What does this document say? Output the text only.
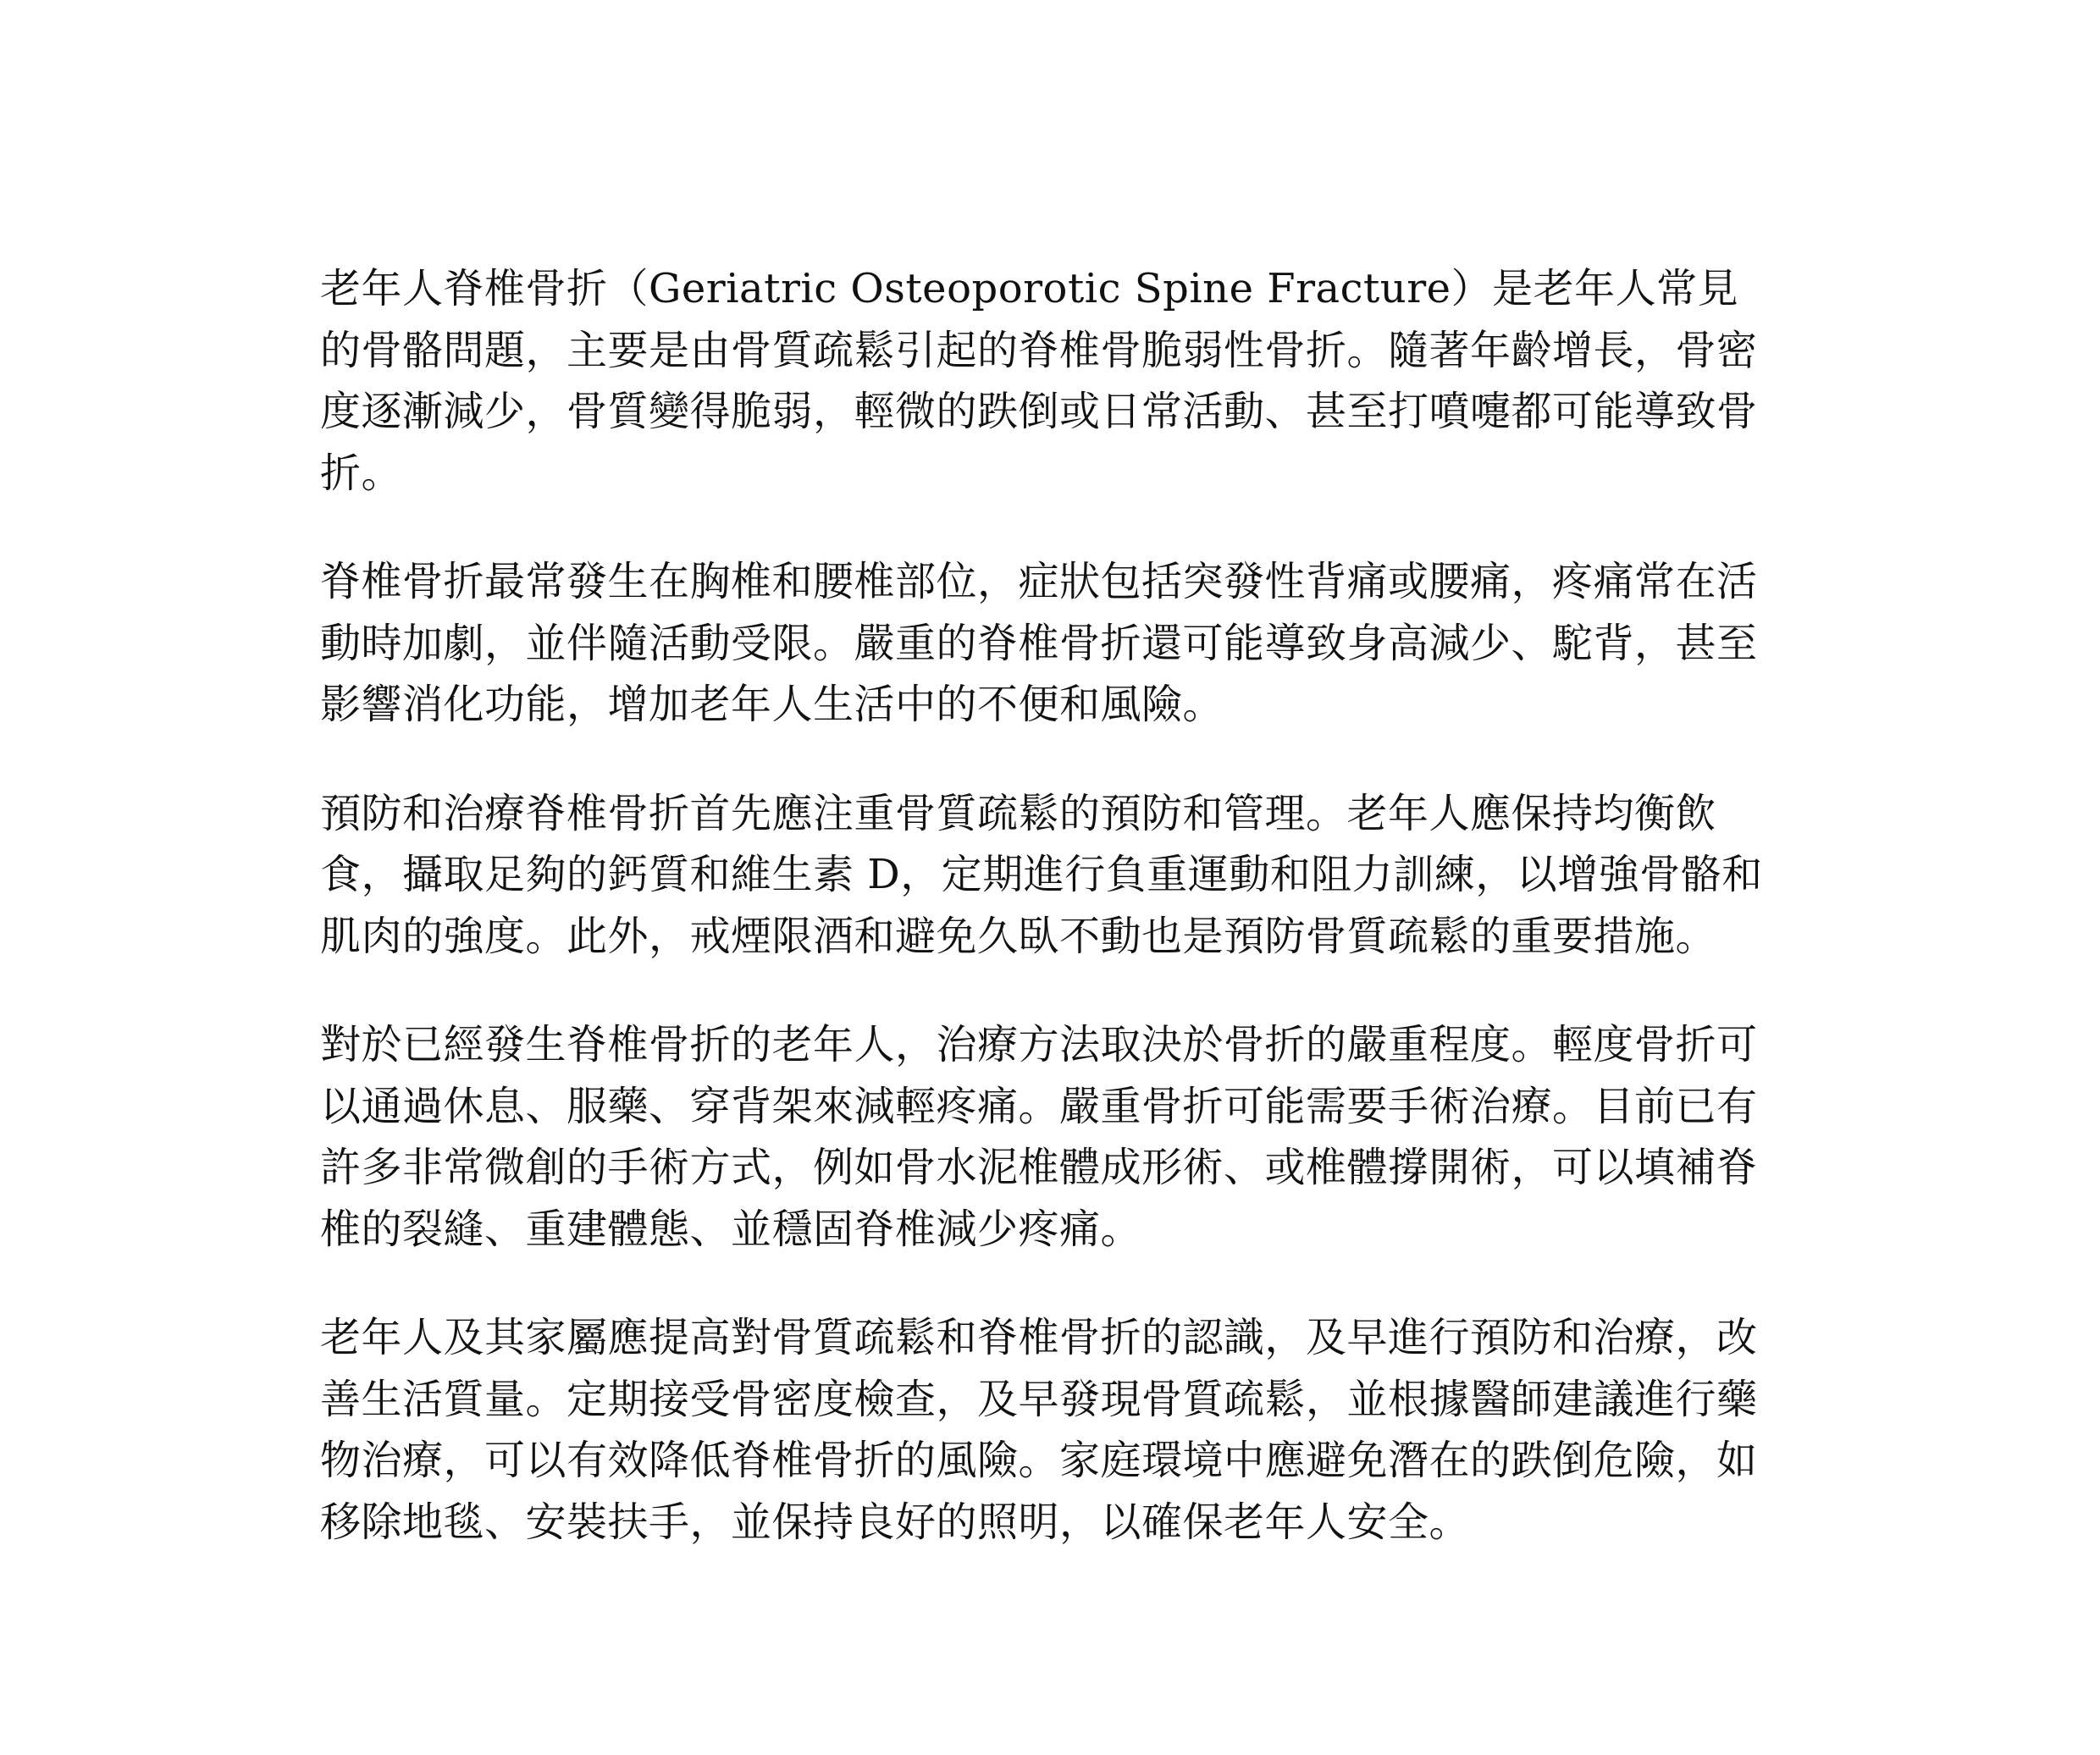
老年人脊椎骨折（Geriatric Osteoporotic Spine Fracture）是老年人常見的骨骼問題，主要是由骨質疏鬆引起的脊椎骨脆弱性骨折。隨著年齡增長，骨密度逐漸減少，骨質變得脆弱，輕微的跌倒或日常活動、甚至打噴嚏都可能導致骨折。

脊椎骨折最常發生在胸椎和腰椎部位，症狀包括突發性背痛或腰痛，疼痛常在活動時加劇，並伴隨活動受限。嚴重的脊椎骨折還可能導致身高減少、駝背，甚至影響消化功能，增加老年人生活中的不便和風險。

預防和治療脊椎骨折首先應注重骨質疏鬆的預防和管理。老年人應保持均衡飲食，攝取足夠的鈣質和維生素 D，定期進行負重運動和阻力訓練，以增強骨骼和肌肉的強度。此外，戒煙限酒和避免久臥不動也是預防骨質疏鬆的重要措施。

對於已經發生脊椎骨折的老年人，治療方法取決於骨折的嚴重程度。輕度骨折可以通過休息、服藥、穿背架來減輕疼痛。嚴重骨折可能需要手術治療。目前已有許多非常微創的手術方式，例如骨水泥椎體成形術、或椎體撐開術，可以填補脊椎的裂縫、重建體態、並穩固脊椎減少疼痛。

老年人及其家屬應提高對骨質疏鬆和脊椎骨折的認識，及早進行預防和治療，改善生活質量。定期接受骨密度檢查，及早發現骨質疏鬆，並根據醫師建議進行藥物治療，可以有效降低脊椎骨折的風險。家庭環境中應避免潛在的跌倒危險，如移除地毯、安裝扶手，並保持良好的照明，以確保老年人安全。
